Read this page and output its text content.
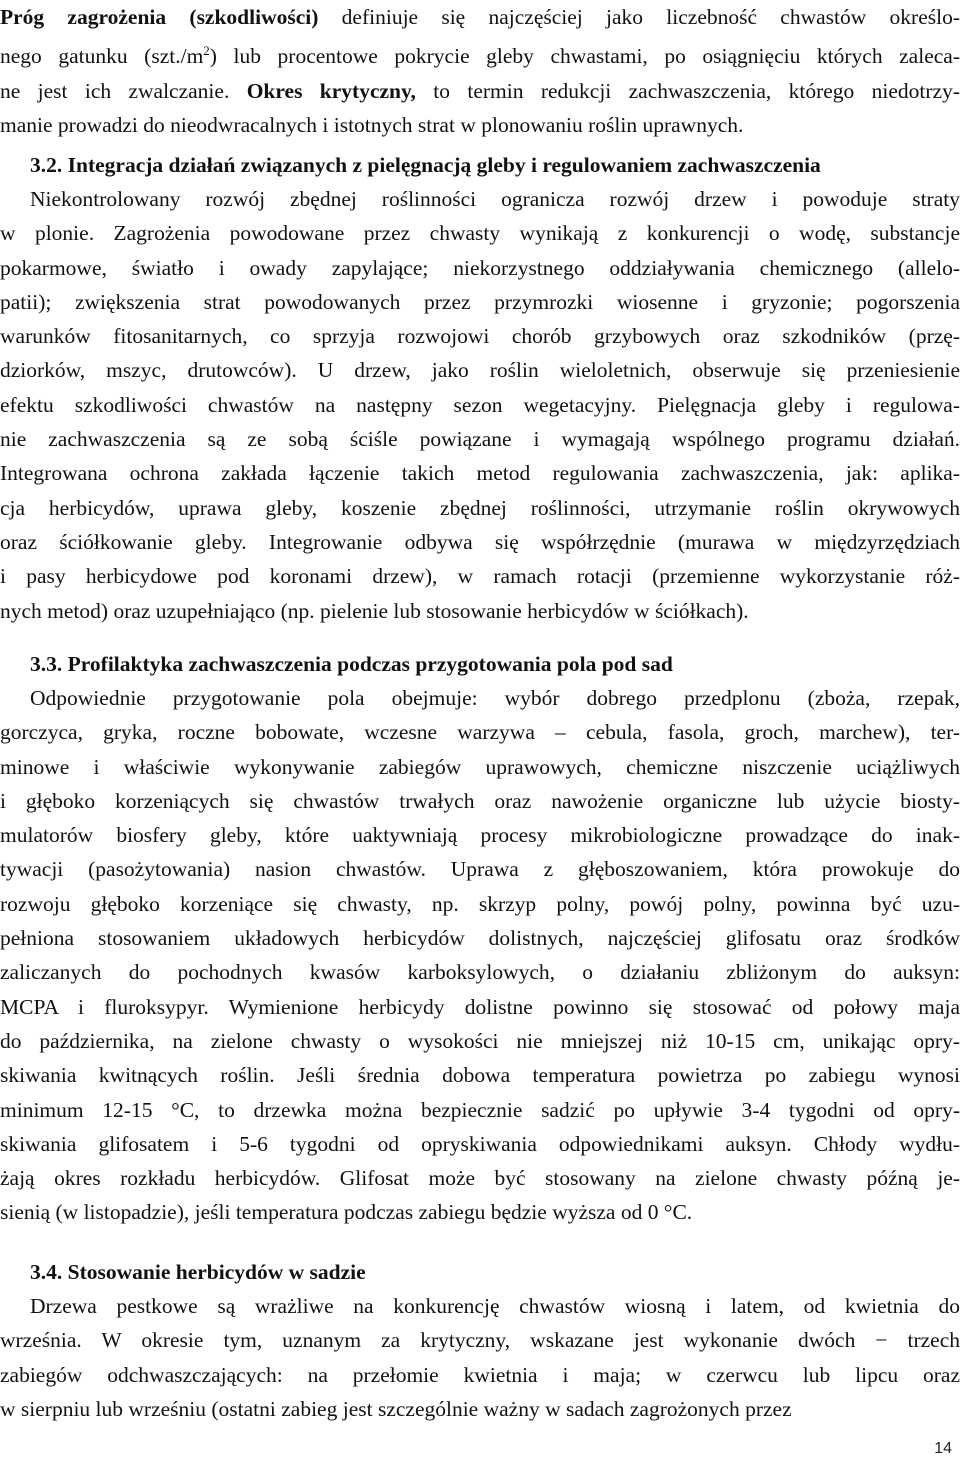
Próg zagrożenia (szkodliwości) definiuje się najczęściej jako liczebność chwastów określo-
nego gatunku $(szt./m^2)$ lub procentowe pokrycie gleby chwastami, po osiągnięciu których zaleca-
ne jest ich zwalczanie. Okres krytyczny, to termin redukcji zachwaszczenia, którego niedotrzy-
manie prowadzi do nieodwracalnych i istotnych strat w plonowaniu roślin uprawnych.
3.2. Integracja działań związanych z pielęgnacją gleby i regulowaniem zachwaszczenia
Niekontrolowany rozwój zbędnej roślinności ogranicza rozwój drzew i powoduje straty
w plonie. Zagrożenia powodowane przez chwasty wynikają z konkurencji o wodę, substancje
pokarmowe, światło i owady zapylające; niekorzystnego oddziaływania chemicznego (allelo-
patii); zwiększenia strat powodowanych przez przymrozki wiosenne i gryzonie; pogorszenia
warunków fitosanitarnych, co sprzyja rozwojowi chorób grzybowych oraz szkodników (przę-
dziorków, mszyc, drutowców). U drzew, jako roślin wieloletnich, obserwuje się przeniesienie
efektu szkodliwości chwastów na następny sezon wegetacyjny. Pielęgnacja gleby i regulowa-
nie zachwaszczenia są ze sobą ściśle powiązane i wymagają wspólnego programu działań.
Integrowana ochrona zakłada łączenie takich metod regulowania zachwaszczenia, jak: aplika-
cja herbicydów, uprawa gleby, koszenie zbędnej roślinności, utrzymanie roślin okrywowych
oraz ściółkowanie gleby. Integrowanie odbywa się współrzędnie (murawa w międzyrzędziach
i pasy herbicydowe pod koronami drzew), w ramach rotacji (przemienne wykorzystanie róż-
nych metod) oraz uzupełniająco (np. pielenie lub stosowanie herbicydów w ściółkach).
3.3. Profilaktyka zachwaszczenia podczas przygotowania pola pod sad
Odpowiednie przygotowanie pola obejmuje: wybór dobrego przedplonu (zboża, rzepak,
gorczyca, gryka, roczne bobowate, wczesne warzywa – cebula, fasola, groch, marchew), ter-
minowe i właściwie wykonywanie zabiegów uprawowych, chemiczne niszczenie uciążliwych
i głęboko korzeniących się chwastów trwałych oraz nawożenie organiczne lub użycie biosty-
mulatorów biosfery gleby, które uaktywniają procesy mikrobiologiczne prowadzące do inak-
tywacji (pasożytowania) nasion chwastów. Uprawa z głęboszowaniem, która prowokuje do
rozwoju głęboko korzeniące się chwasty, np. skrzyp polny, powój polny, powinna być uzu-
pełniona stosowaniem układowych herbicydów dolistnych, najczęściej glifosatu oraz środków
zaliczanych do pochodnych kwasów karboksylowych, o działaniu zbliżonym do auksyn:
MCPA i fluroksypyr. Wymienione herbicydy dolistne powinno się stosować od połowy maja
do października, na zielone chwasty o wysokości nie mniejszej niż 10-15 cm, unikając opry-
skiwania kwitnących roślin. Jeśli średnia dobowa temperatura powietrza po zabiegu wynosi
minimum 12-15 °C, to drzewka można bezpiecznie sadzić po upływie 3-4 tygodni od opry-
skiwania glifosatem i 5-6 tygodni od opryskiwania odpowiednikami auksyn. Chłody wydłu-
żają okres rozkładu herbicydów. Glifosat może być stosowany na zielone chwasty późną je-
sienią (w listopadzie), jeśli temperatura podczas zabiegu będzie wyższa od 0 °C.
3.4. Stosowanie herbicydów w sadzie
Drzewa pestkowe są wrażliwe na konkurencję chwastów wiosną i latem, od kwietnia do
września. W okresie tym, uznanym za krytyczny, wskazane jest wykonanie dwóch − trzech
zabiegów odchwaszczających: na przełomie kwietnia i maja; w czerwcu lub lipcu oraz
w sierpniu lub wrześniu (ostatni zabieg jest szczególnie ważny w sadach zagrożonych przez
14
